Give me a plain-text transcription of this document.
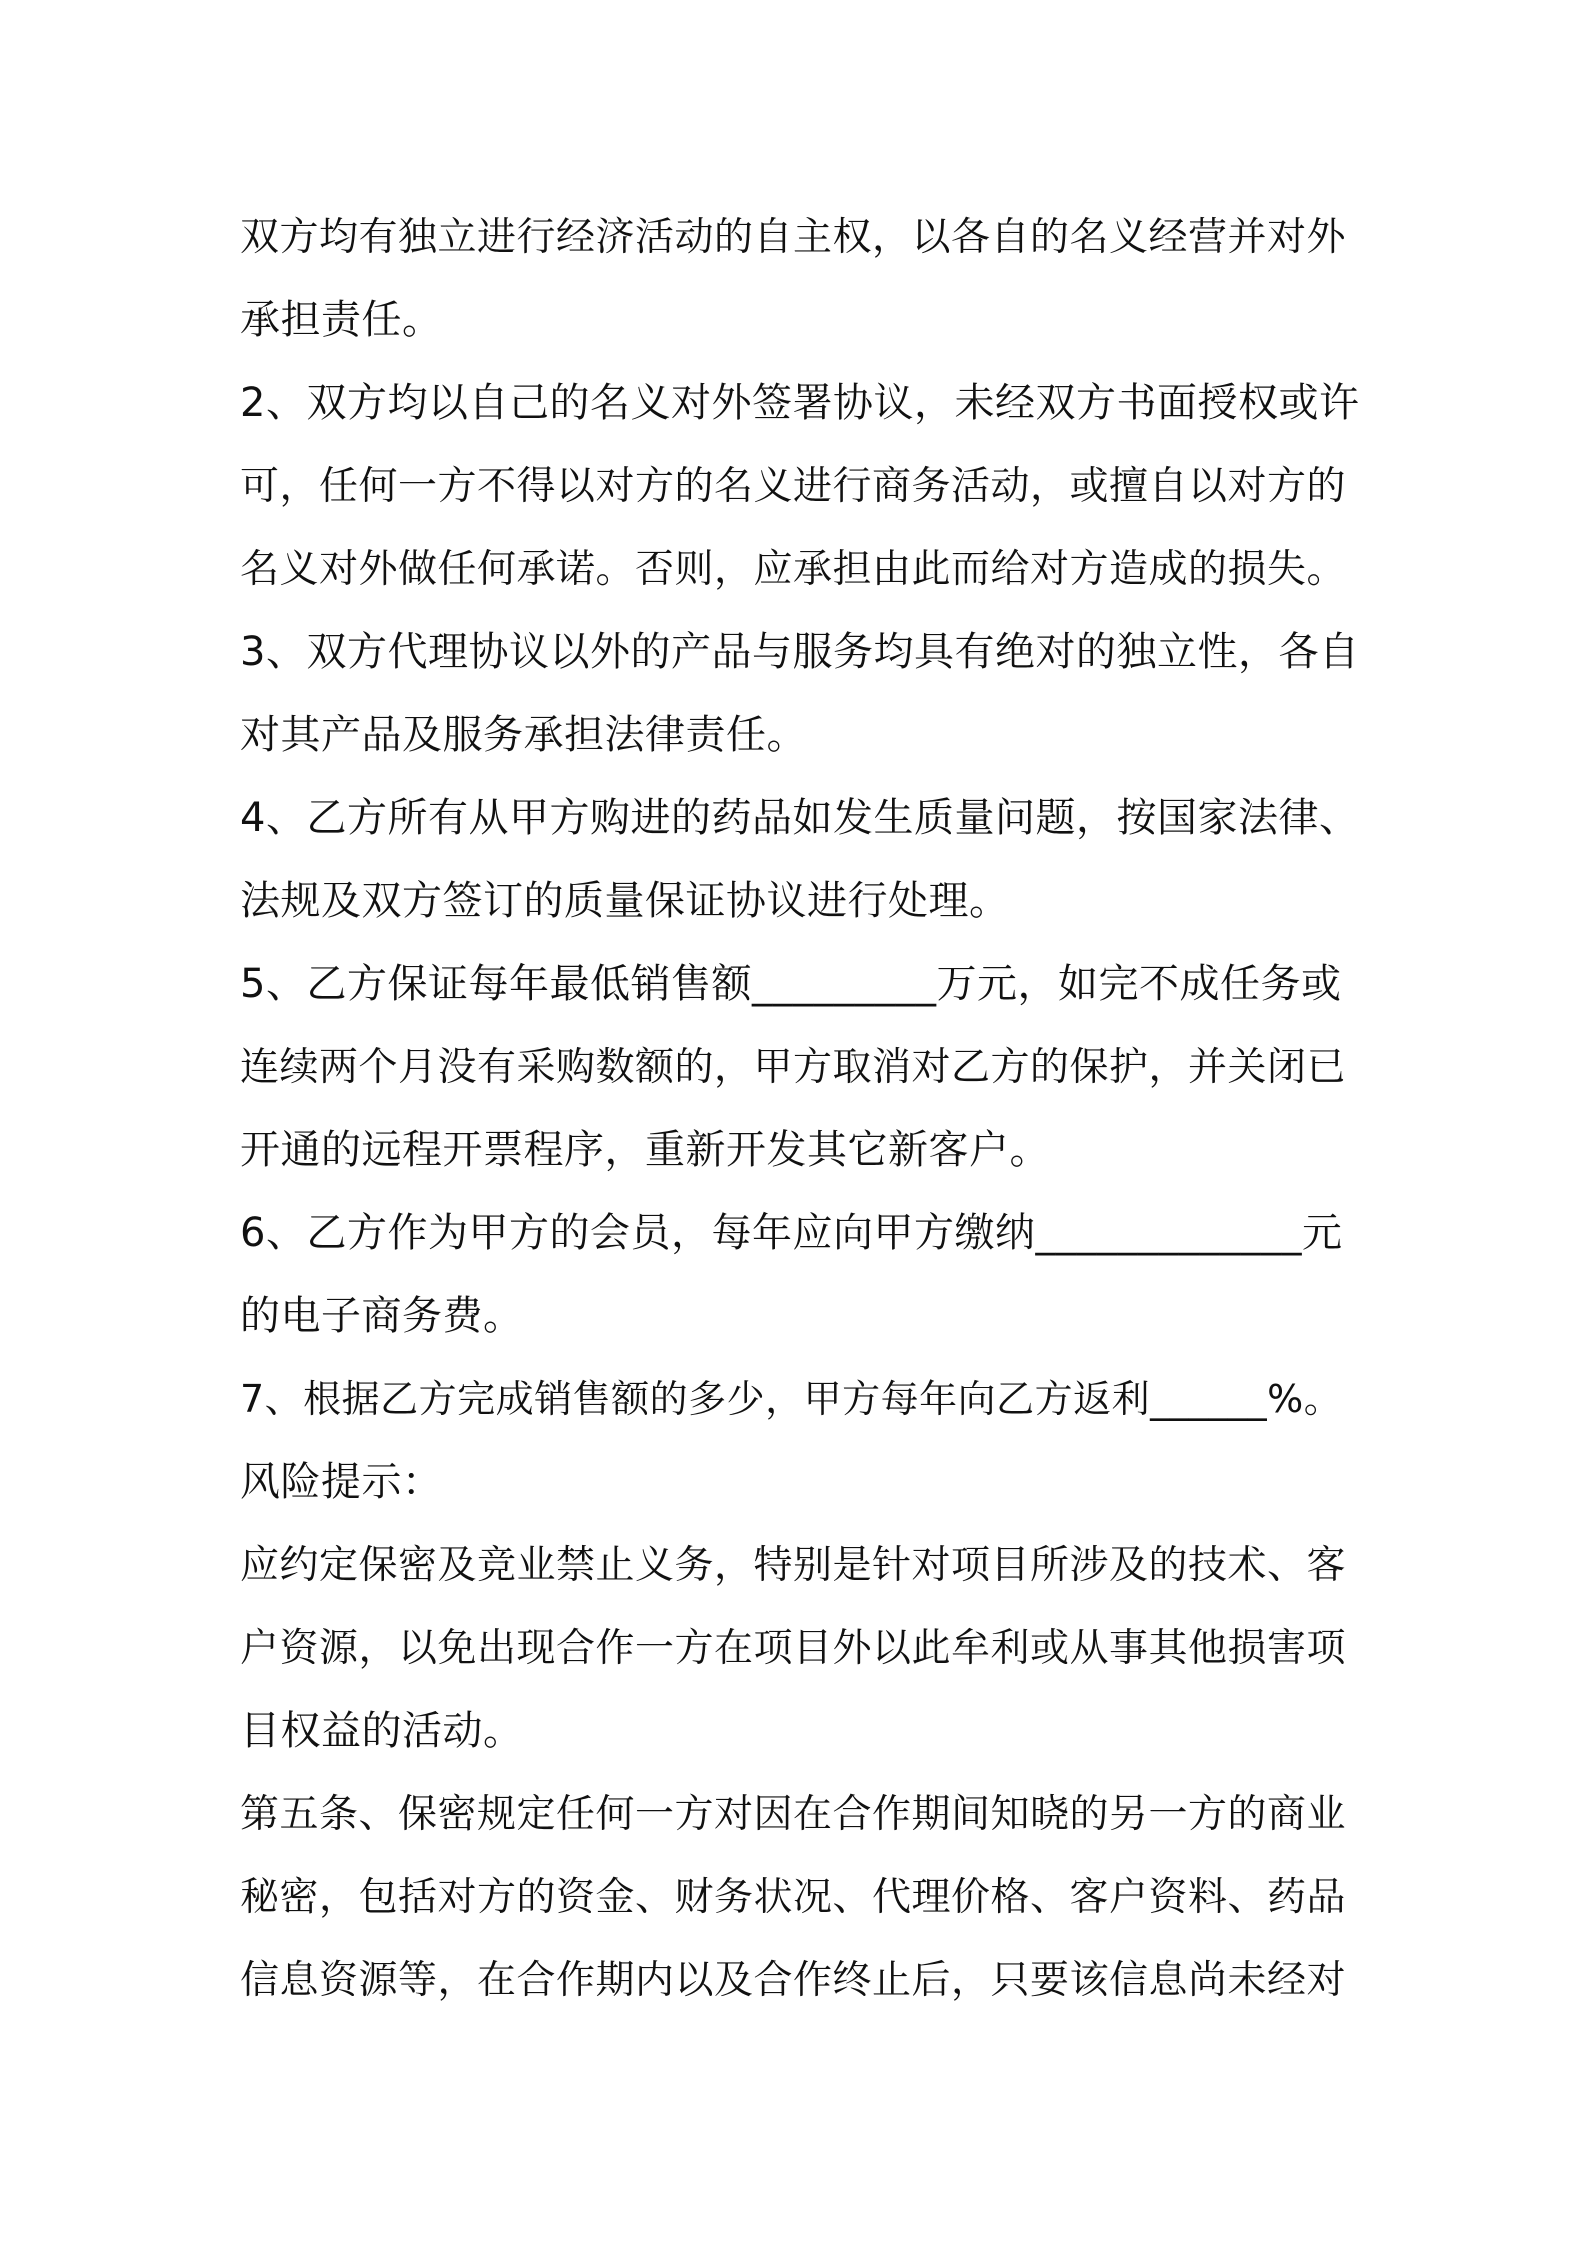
双方均有独立进行经济活动的自主权，以各自的名义经营并对外
承担责任。
2、双方均以自己的名义对外签署协议，未经双方书面授权或许
可，任何一方不得以对方的名义进行商务活动，或擅自以对方的
名义对外做任何承诺。否则，应承担由此而给对方造成的损失。
3、双方代理协议以外的产品与服务均具有绝对的独立性，各自
对其产品及服务承担法律责任。
4、乙方所有从甲方购进的药品如发生质量问题，按国家法律、
法规及双方签订的质量保证协议进行处理。
5、乙方保证每年最低销售额_________万元，如完不成任务或
连续两个月没有采购数额的，甲方取消对乙方的保护，并关闭已
开通的远程开票程序，重新开发其它新客户。
6、乙方作为甲方的会员，每年应向甲方缴纳_____________元
的电子商务费。
7、根据乙方完成销售额的多少，甲方每年向乙方返利______%。
风险提示：
应约定保密及竞业禁止义务，特别是针对项目所涉及的技术、客
户资源，以免出现合作一方在项目外以此牟利或从事其他损害项
目权益的活动。
第五条、保密规定任何一方对因在合作期间知晓的另一方的商业
秘密，包括对方的资金、财务状况、代理价格、客户资料、药品
信息资源等，在合作期内以及合作终止后，只要该信息尚未经对
